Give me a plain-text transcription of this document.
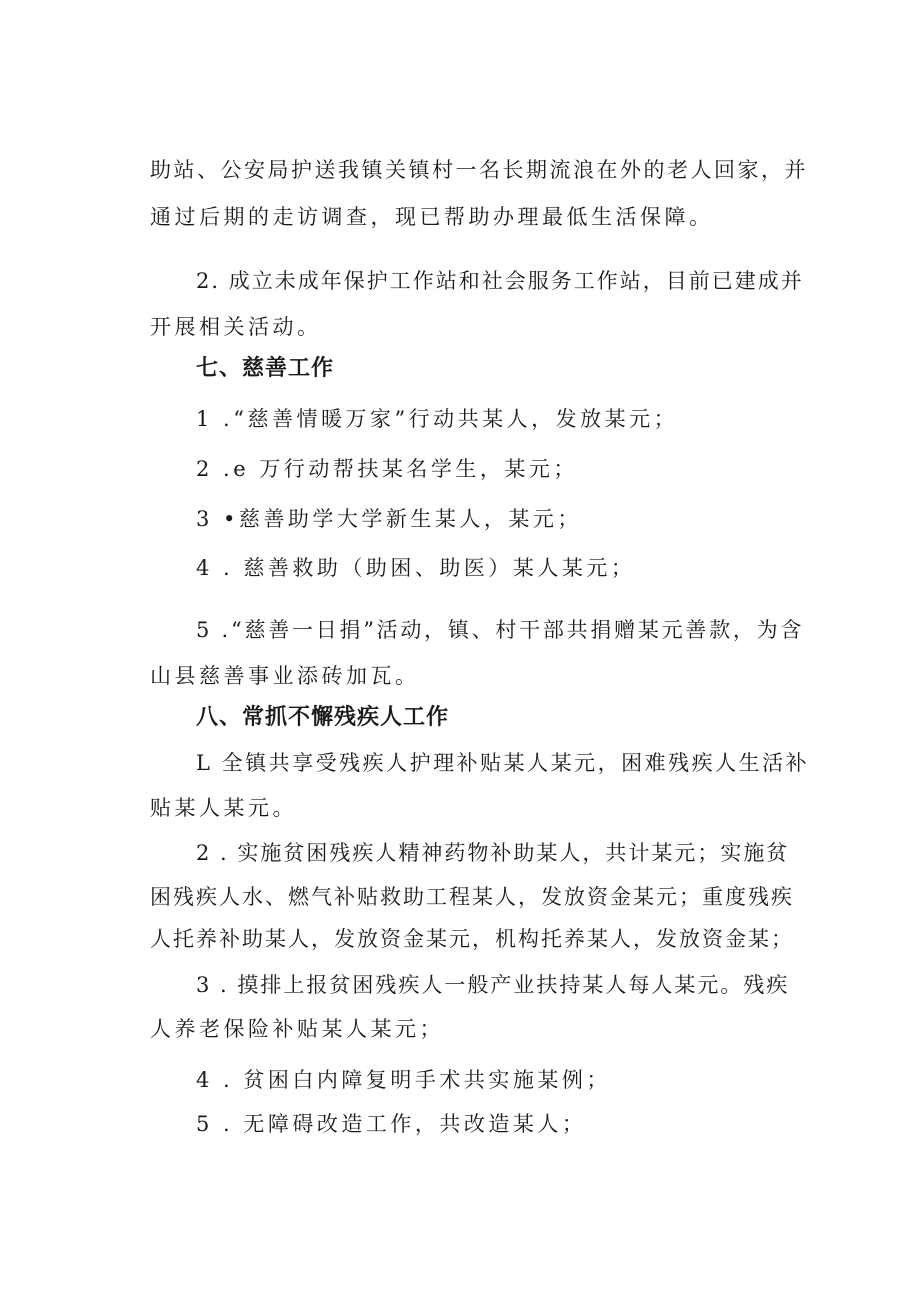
助站、公安局护送我镇关镇村一名长期流浪在外的老人回家，并
通过后期的走访调查，现已帮助办理最低生活保障。
2. 成立未成年保护工作站和社会服务工作站，目前已建成并
开展相关活动。
七、慈善工作
1 .“慈善情暖万家”行动共某人，发放某元；
2 .e 万行动帮扶某名学生，某元；
3 •慈善助学大学新生某人，某元；
4 . 慈善救助（助困、助医）某人某元；
5 .“慈善一日捐”活动，镇、村干部共捐赠某元善款，为含
山县慈善事业添砖加瓦。
八、常抓不懈残疾人工作
L 全镇共享受残疾人护理补贴某人某元，困难残疾人生活补
贴某人某元。
2 . 实施贫困残疾人精神药物补助某人，共计某元；实施贫
困残疾人水、燃气补贴救助工程某人，发放资金某元；重度残疾
人托养补助某人，发放资金某元，机构托养某人，发放资金某；
3 . 摸排上报贫困残疾人一般产业扶持某人每人某元。残疾
人养老保险补贴某人某元；
4 . 贫困白内障复明手术共实施某例；
5 . 无障碍改造工作，共改造某人；
